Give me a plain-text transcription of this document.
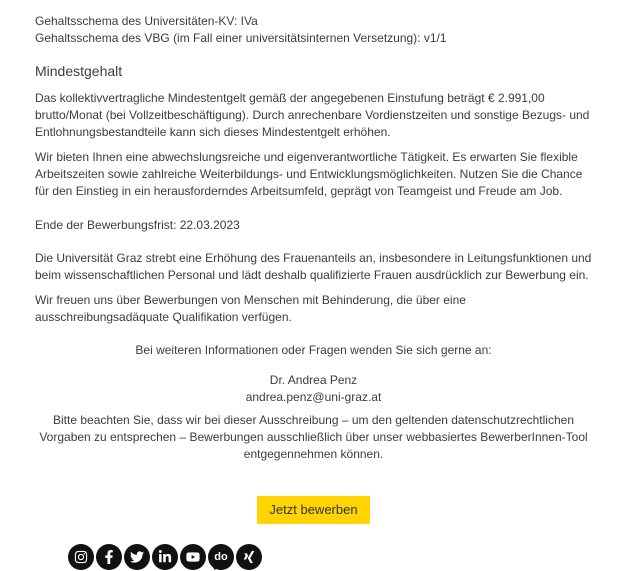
Gehaltsschema des Universitäten-KV: IVa
Gehaltsschema des VBG (im Fall einer universitätsinternen Versetzung): v1/1
Mindestgehalt

Das kollektivvertragliche Mindestentgelt gemäß der angegebenen Einstufung beträgt € 2.991,00 brutto/Monat (bei Vollzeitbeschäftigung). Durch anrechenbare Vordienstzeiten und sonstige Bezugs- und Entlohnungsbestandteile kann sich dieses Mindestentgelt erhöhen.

Wir bieten Ihnen eine abwechslungsreiche und eigenverantwortliche Tätigkeit. Es erwarten Sie flexible Arbeitszeiten sowie zahlreiche Weiterbildungs- und Entwicklungsmöglichkeiten. Nutzen Sie die Chance für den Einstieg in ein herausforderndes Arbeitsumfeld, geprägt von Teamgeist und Freude am Job.

Ende der Bewerbungsfrist: 22.03.2023

Die Universität Graz strebt eine Erhöhung des Frauenanteils an, insbesondere in Leitungsfunktionen und beim wissenschaftlichen Personal und lädt deshalb qualifizierte Frauen ausdrücklich zur Bewerbung ein.

Wir freuen uns über Bewerbungen von Menschen mit Behinderung, die über eine ausschreibungsadäquate Qualifikation verfügen.

Bei weiteren Informationen oder Fragen wenden Sie sich gerne an:

Dr. Andrea Penz
andrea.penz@uni-graz.at

Bitte beachten Sie, dass wir bei dieser Ausschreibung – um den geltenden datenschutzrechtlichen Vorgaben zu entsprechen – Bewerbungen ausschließlich über unser webbasiertes BewerberInnen-Tool entgegennehmen können.

Jetzt bewerben
do
